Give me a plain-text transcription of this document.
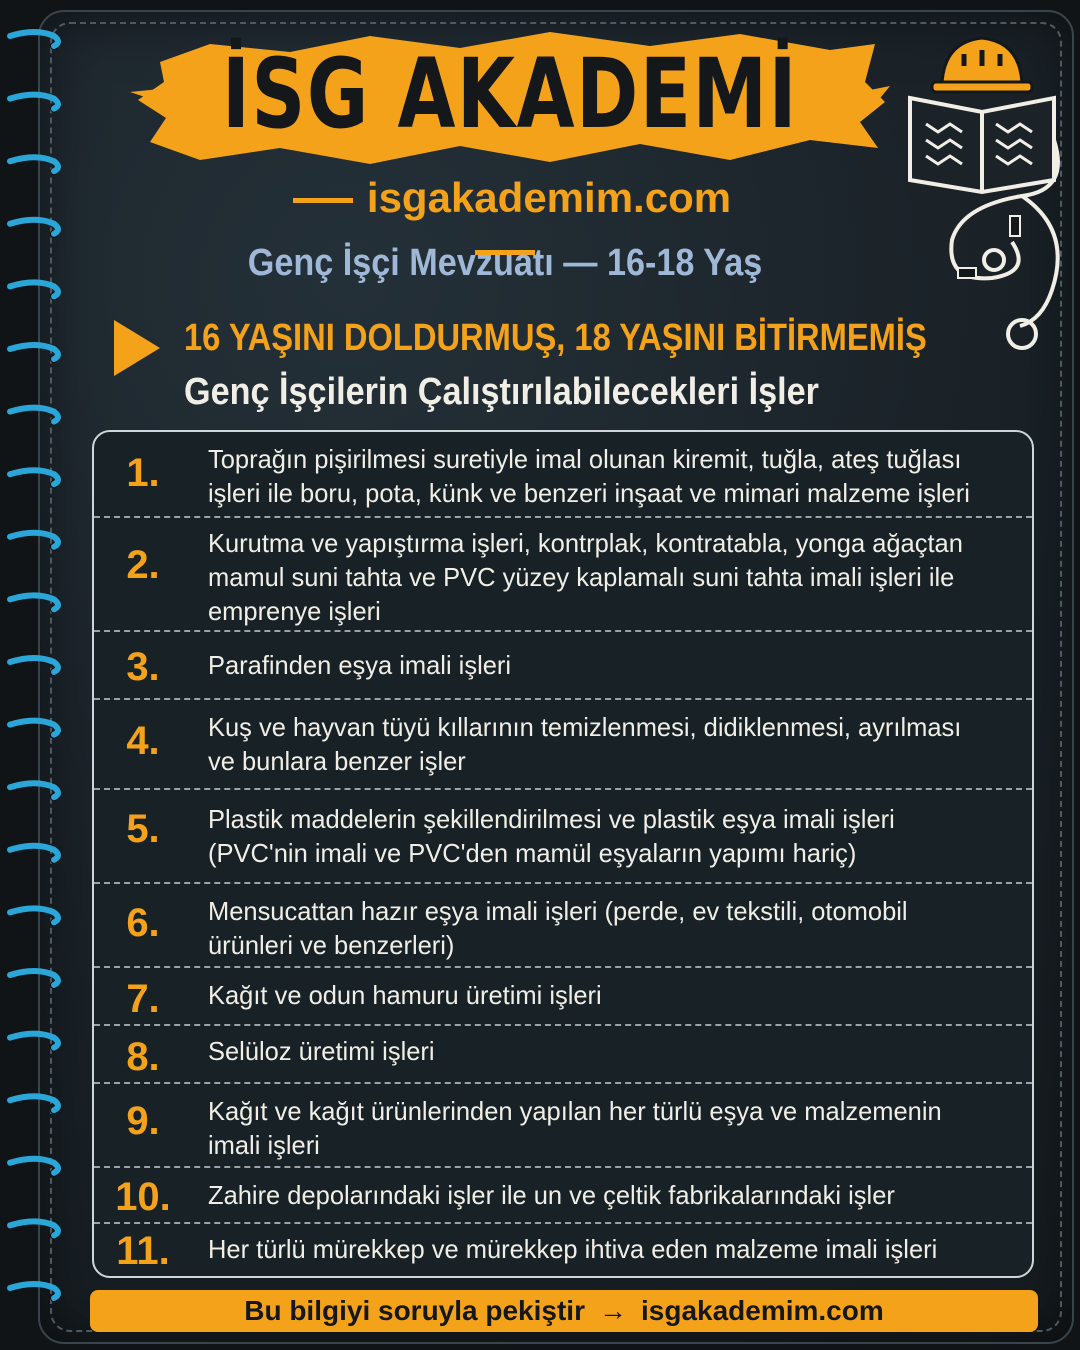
İSG AKADEMİ
isgakademim.com
Genç İşçi Mevzuatı — 16-18 Yaş
16 YAŞINI DOLDURMUŞ, 18 YAŞINI BİTİRMEMİŞ
Genç İşçilerin Çalıştırılabilecekleri İşler
1.	Toprağın pişirilmesi suretiyle imal olunan kiremit, tuğla, ateş tuğlası işleri ile boru, pota, künk ve benzeri inşaat ve mimari malzeme işleri
2.	Kurutma ve yapıştırma işleri, kontrplak, kontratabla, yonga ağaçtan mamul suni tahta ve PVC yüzey kaplamalı suni tahta imali işleri ile emprenye işleri
3.	Parafinden eşya imali işleri
4.	Kuş ve hayvan tüyü kıllarının temizlenmesi, didiklenmesi, ayrılması ve bunlara benzer işler
5.	Plastik maddelerin şekillendirilmesi ve plastik eşya imali işleri (PVC'nin imali ve PVC'den mamül eşyaların yapımı hariç)
6.	Mensucattan hazır eşya imali işleri (perde, ev tekstili, otomobil ürünleri ve benzerleri)
7.	Kağıt ve odun hamuru üretimi işleri
8.	Selüloz üretimi işleri
9.	Kağıt ve kağıt ürünlerinden yapılan her türlü eşya ve malzemenin imali işleri
10.	Zahire depolarındaki işler ile un ve çeltik fabrikalarındaki işler
11.	Her türlü mürekkep ve mürekkep ihtiva eden malzeme imali işleri
Bu bilgiyi soruyla pekiştir → isgakademim.com
